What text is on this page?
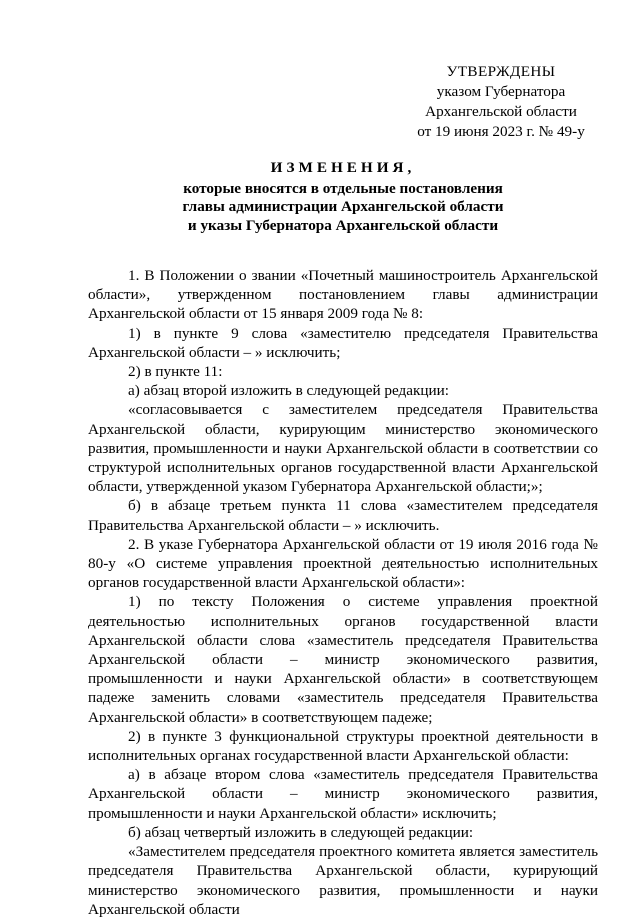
УТВЕРЖДЕНЫ
указом Губернатора
Архангельской области
от 19 июня 2023 г. № 49-у
ИЗМЕНЕНИЯ,
которые вносятся в отдельные постановления
главы администрации Архангельской области
и указы Губернатора Архангельской области

1. В Положении о звании «Почетный машиностроитель Архангельской области», утвержденном постановлением главы администрации Архангельской области от 15 января 2009 года № 8:

1) в пункте 9 слова «заместителю председателя Правительства Архангельской области – » исключить;

2) в пункте 11:

а) абзац второй изложить в следующей редакции:

«согласовывается с заместителем председателя Правительства Архангельской области, курирующим министерство экономического развития, промышленности и науки Архангельской области в соответствии со структурой исполнительных органов государственной власти Архангельской области, утвержденной указом Губернатора Архангельской области;»;

б) в абзаце третьем пункта 11 слова «заместителем председателя Правительства Архангельской области – » исключить.

2. В указе Губернатора Архангельской области от 19 июля 2016 года № 80-у «О системе управления проектной деятельностью исполнительных органов государственной власти Архангельской области»:

1) по тексту Положения о системе управления проектной деятельностью исполнительных органов государственной власти Архангельской области слова «заместитель председателя Правительства Архангельской области – министр экономического развития, промышленности и науки Архангельской области» в соответствующем падеже заменить словами «заместитель председателя Правительства Архангельской области» в соответствующем падеже;

2) в пункте 3 функциональной структуры проектной деятельности в исполнительных органах государственной власти Архангельской области:

а) в абзаце втором слова «заместитель председателя Правительства Архангельской области – министр экономического развития, промышленности и науки Архангельской области» исключить;

б) абзац четвертый изложить в следующей редакции:

«Заместителем председателя проектного комитета является заместитель председателя Правительства Архангельской области, курирующий министерство экономического развития, промышленности и науки Архангельской области
